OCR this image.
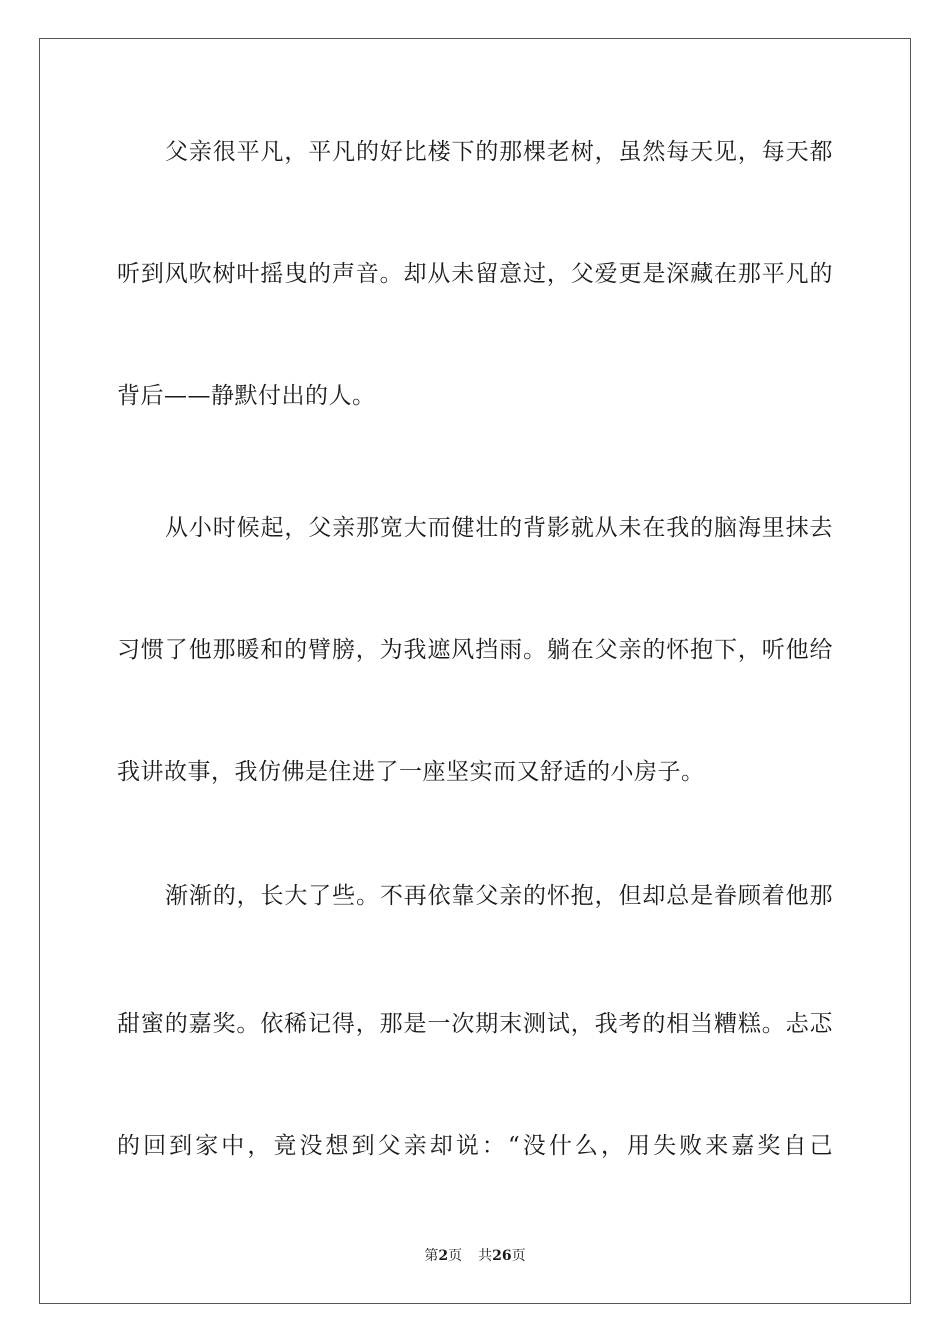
父亲很平凡，平凡的好比楼下的那棵老树，虽然每天见，每天都
听到风吹树叶摇曳的声音。却从未留意过，父爱更是深藏在那平凡的
背后——静默付出的人。
从小时候起，父亲那宽大而健壮的背影就从未在我的脑海里抹去
习惯了他那暖和的臂膀，为我遮风挡雨。躺在父亲的怀抱下，听他给
我讲故事，我仿佛是住进了一座坚实而又舒适的小房子。
渐渐的，长大了些。不再依靠父亲的怀抱，但却总是眷顾着他那
甜蜜的嘉奖。依稀记得，那是一次期末测试，我考的相当糟糕。忐忑
的回到家中，竟没想到父亲却说：“没什么，用失败来嘉奖自己
第2页 共26页
